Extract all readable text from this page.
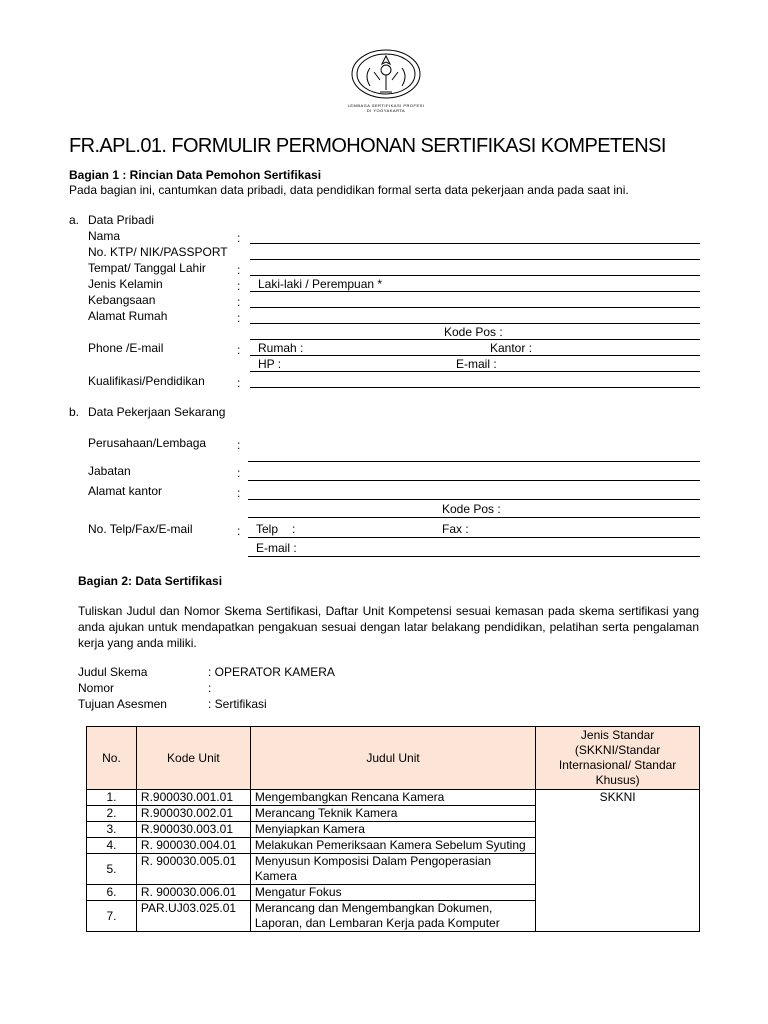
LEMBAGA SERTIFIKASI PROFESI
DI YOGYAKARTA
FR.APL.01. FORMULIR PERMOHONAN SERTIFIKASI KOMPETENSI
Bagian 1 : Rincian Data Pemohon Sertifikasi
Pada bagian ini, cantumkan data pribadi, data pendidikan formal serta data pekerjaan anda pada saat ini.
a. Data Pribadi
Nama	:
No. KTP/ NIK/PASSPORT
Tempat/ Tanggal Lahir	:
Jenis Kelamin	: Laki-laki / Perempuan *
Kebangsaan	:
Alamat Rumah	:
Kode Pos :
Phone /E-mail	: Rumah :	Kantor :
HP :	E-mail :
Kualifikasi/Pendidikan	:
b. Data Pekerjaan Sekarang
Perusahaan/Lembaga	:
Jabatan	:
Alamat kantor	:
Kode Pos :
No. Telp/Fax/E-mail	: Telp :	Fax :
E-mail :
Bagian 2: Data Sertifikasi
Tuliskan Judul dan Nomor Skema Sertifikasi, Daftar Unit Kompetensi sesuai kemasan pada skema sertifikasi yang anda ajukan untuk mendapatkan pengakuan sesuai dengan latar belakang pendidikan, pelatihan serta pengalaman kerja yang anda miliki.
Judul Skema	: OPERATOR KAMERA
Nomor	:
Tujuan Asesmen	: Sertifikasi
No.	Kode Unit	Judul Unit	Jenis Standar (SKKNI/Standar Internasional/ Standar Khusus)
1.	R.900030.001.01	Mengembangkan Rencana Kamera	SKKNI
2.	R.900030.002.01	Merancang Teknik Kamera	
3.	R.900030.003.01	Menyiapkan Kamera	
4.	R. 900030.004.01	Melakukan Pemeriksaan Kamera Sebelum Syuting	
5.	R. 900030.005.01	Menyusun Komposisi Dalam Pengoperasian Kamera	
6.	R. 900030.006.01	Mengatur Fokus	
7.	PAR.UJ03.025.01	Merancang dan Mengembangkan Dokumen, Laporan, dan Lembaran Kerja pada Komputer	
